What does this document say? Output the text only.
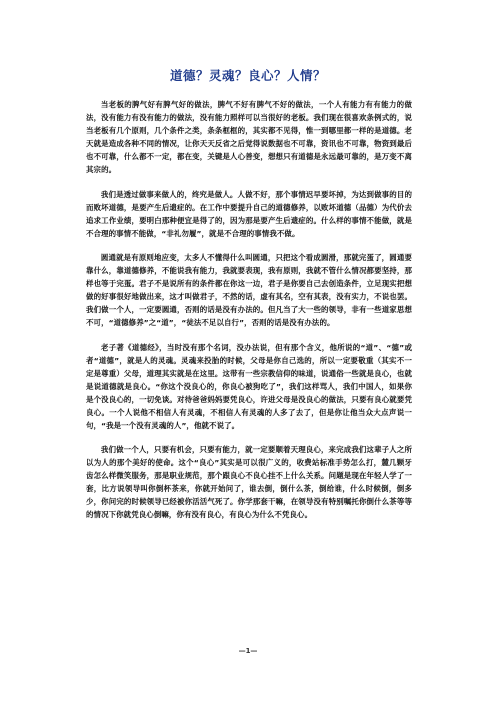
道德？灵魂？良心？人情？

当老板的脾气好有脾气好的做法，脾气不好有脾气不好的做法，一个人有能力有有能力的做法，没有能力有没有能力的做法，没有能力照样可以当很好的老板。我们现在很喜欢条例式的，说当老板有几个原则，几个条件之类，条条框框的，其实都不见得，惟一到哪里都一样的是道德。老天就是造成各种不同的情况，让你天天反省之后觉得说数据也不可靠，资讯也不可靠，物资到最后也不可靠，什么都不一定，都在变，关键是人心善变，想想只有道德是永远最可靠的，是万变不离其宗的。

我们是透过做事来做人的，终究是做人。人做不好，那个事情迟早要坏掉，为达到做事的目的而败坏道德，是要产生后遗症的。在工作中要提升自己的道德修养，以败坏道德（品德）为代价去追求工作业绩，要明白那种便宜是得了的，因为那是要产生后遗症的。什么样的事情不能做，就是不合理的事情不能做，“非礼勿履”，就是不合理的事情我不做。

圆通就是有原则地应变，太多人不懂得什么叫圆通，只把这个看成圆滑，那就完蛋了，圆通要靠什么，靠道德修养，不能说我有能力，我就要表现，我有原则，我就不管什么情况都要坚持，那样也等于完蛋。君子不是说所有的条件都在你这一边，君子是你要自己去创造条件，立足现实把想做的好事很好地做出来，这才叫做君子，不然的话，虚有其名，空有其表，没有实力，不说也罢。我们做一个人，一定要圆通，否则的话是没有办法的。但凡当了大一些的领导，非有一些道家思想不可，“道德修养”之“道”，“徒法不足以自行”，否则的话是没有办法的。

老子著《道德经》，当时没有那个名词，没办法说，但有那个含义，他所说的“道”、“德”或者“道德”，就是人的灵魂。灵魂来投胎的时候，父母是你自己选的，所以一定要敬重（其实不一定是尊重）父母，道理其实就是在这里。这带有一些宗教信仰的味道，说通俗一些就是良心，也就是说道德就是良心。“你这个没良心的，你良心被狗吃了”，我们这样骂人，我们中国人，如果你是个没良心的，一切免谈。对待爸爸妈妈要凭良心，许进父母是没良心的做法，只要有良心就要凭良心。一个人说他不相信人有灵魂，不相信人有灵魂的人多了去了，但是你让他当众大点声说一句，“我是一个没有灵魂的人”，他就不说了。

我们做一个人，只要有机会，只要有能力，就一定要顺着天理良心，来完成我们这辈子人之所以为人的那个美好的使命。这个“良心”其实是可以很广义的，收费站标准手势怎么打，麓几颗牙齿怎么样微笑服务，那是职业规范，那个跟良心不良心挂不上什么关系。问题是现在年轻人学了一套，比方说领导叫你倒杯茶来，你就开始问了，谁去倒，倒什么茶，倒给谁，什么时候倒，倒多少，你问完的时候领导已经被你活活气死了。你学那套干嘛，在领导没有特别嘱托你倒什么茶等等的情况下你就凭良心倒嘛，你有没有良心，有良心为什么不凭良心。

—1—
